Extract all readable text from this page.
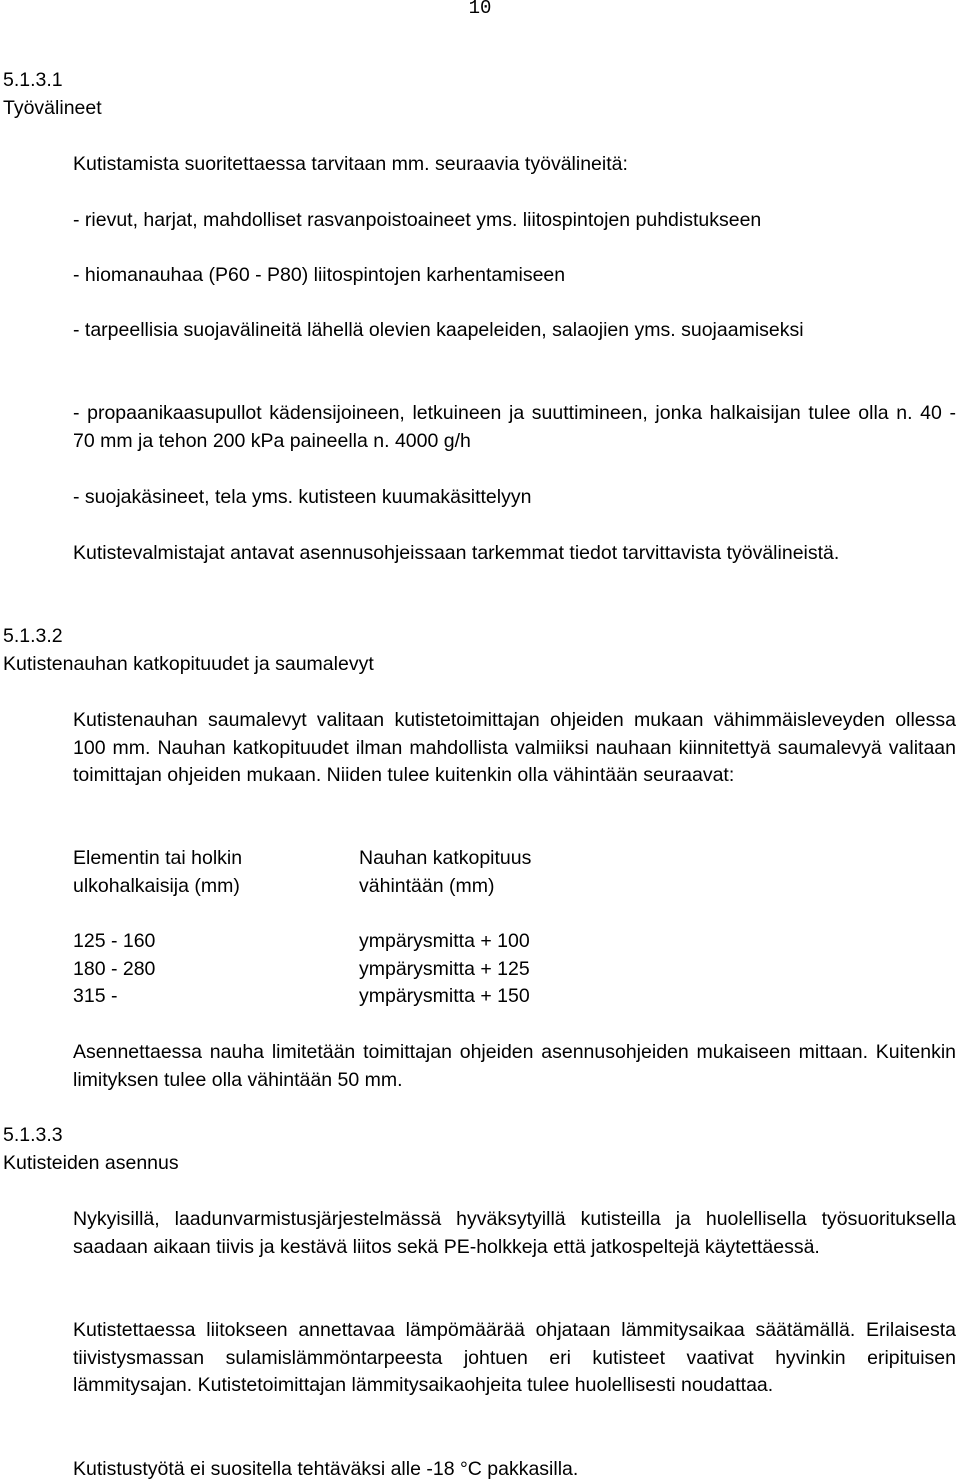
10
5.1.3.1
Työvälineet

Kutistamista suoritettaessa tarvitaan mm. seuraavia työvälineitä:

- rievut, harjat, mahdolliset rasvanpoistoaineet yms. liitospintojen puhdistukseen

- hiomanauhaa (P60 - P80) liitospintojen karhentamiseen

- tarpeellisia suojavälineitä lähellä olevien kaapeleiden, salaojien yms. suojaamiseksi

- propaanikaasupullot kädensijoineen, letkuineen ja suuttimineen, jonka halkaisijan tulee olla n. 40 - 70 mm ja tehon 200 kPa paineella n. 4000 g/h

- suojakäsineet, tela yms. kutisteen kuumakäsittelyyn

Kutistevalmistajat antavat asennusohjeissaan tarkemmat tiedot tarvittavista työvälineistä.

5.1.3.2
Kutistenauhan katkopituudet ja saumalevyt

Kutistenauhan saumalevyt valitaan kutistetoimittajan ohjeiden mukaan vähimmäisleveyden ollessa 100 mm. Nauhan katkopituudet ilman mahdollista valmiiksi nauhaan kiinnitettyä saumalevyä valitaan toimittajan ohjeiden mukaan. Niiden tulee kuitenkin olla vähintään seuraavat:

Elementin tai holkin	Nauhan katkopituus
ulkohalkaisija (mm)	vähintään (mm)
125 - 160	ympärysmitta + 100
180 - 280	ympärysmitta + 125
315 -	ympärysmitta + 150

Asennettaessa nauha limitetään toimittajan ohjeiden asennusohjeiden mukaiseen mittaan. Kuitenkin limityksen tulee olla vähintään 50 mm.

5.1.3.3
Kutisteiden asennus

Nykyisillä, laadunvarmistusjärjestelmässä hyväksytyillä kutisteilla ja huolellisella työsuorituksella saadaan aikaan tiivis ja kestävä liitos sekä PE-holkkeja että jatkospeltejä käytettäessä.

Kutistettaessa liitokseen annettavaa lämpömäärää ohjataan lämmitysaikaa säätämällä. Erilaisesta tiivistysmassan sulamislämmöntarpeesta johtuen eri kutisteet vaativat hyvinkin eripituisen lämmitysajan. Kutistetoimittajan lämmitysaikaohjeita tulee huolellisesti noudattaa.

Kutistustyötä ei suositella tehtäväksi alle -18 °C pakkasilla.
